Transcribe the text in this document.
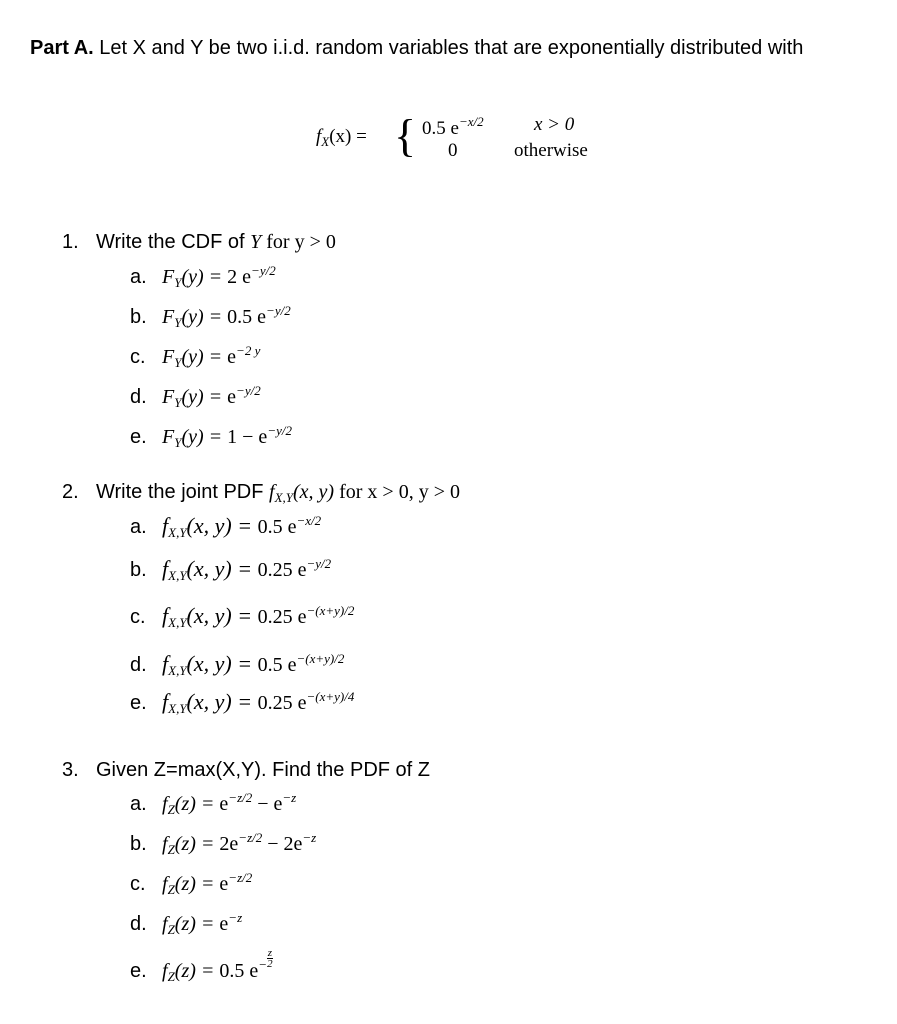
Part A. Let X and Y be two i.i.d. random variables that are exponentially distributed with
$f_X(x)$ = { 0.5 $e^{-x/2}$
0
x > 0
otherwise
1. Write the CDF of Y for y > 0
a. $F_Y(y) = 2$ $e^{-y/2}$
b. $F_Y(y) = 0.5$ $e^{-y/2}$
c. $F_Y(y) = e^{-2 y}$
d. $F_Y(y) = e^{-y/2}$
e. $F_Y(y) = 1 - e^{-y/2}$
2. Write the joint PDF $f_{X,Y}(x$, y) for x > 0, y > 0
a. $f_{X,Y}(x$, y) = 0.5 $e^{-x/2}$
b. $f_{X,Y}(x$, y) = 0.25 $e^{-y/2}$
c. $f_{X,Y}(x$, y) = 0.25 $e^{-(x+y)/2}$
d. $f_{X,Y}(x$, y) = 0.5 $e^{-(x+y)/2}$
e. $f_{X,Y}(x$, y) = 0.25 $e^{-(x+y)/4}$
3. Given Z=max(X,Y). Find the PDF of Z
a. $f_Z(z) = e^{-z/2} - e^{-z}$
b. $f_Z(z) = 2e^{-z/2} - 2e^{-z}$
c. $f_Z(z) = e^{-z/2}$
d. $f_Z(z) = e^{-z}$
e. $f_Z(z) = 0.5$ $e^- \frac{z}{2}$
